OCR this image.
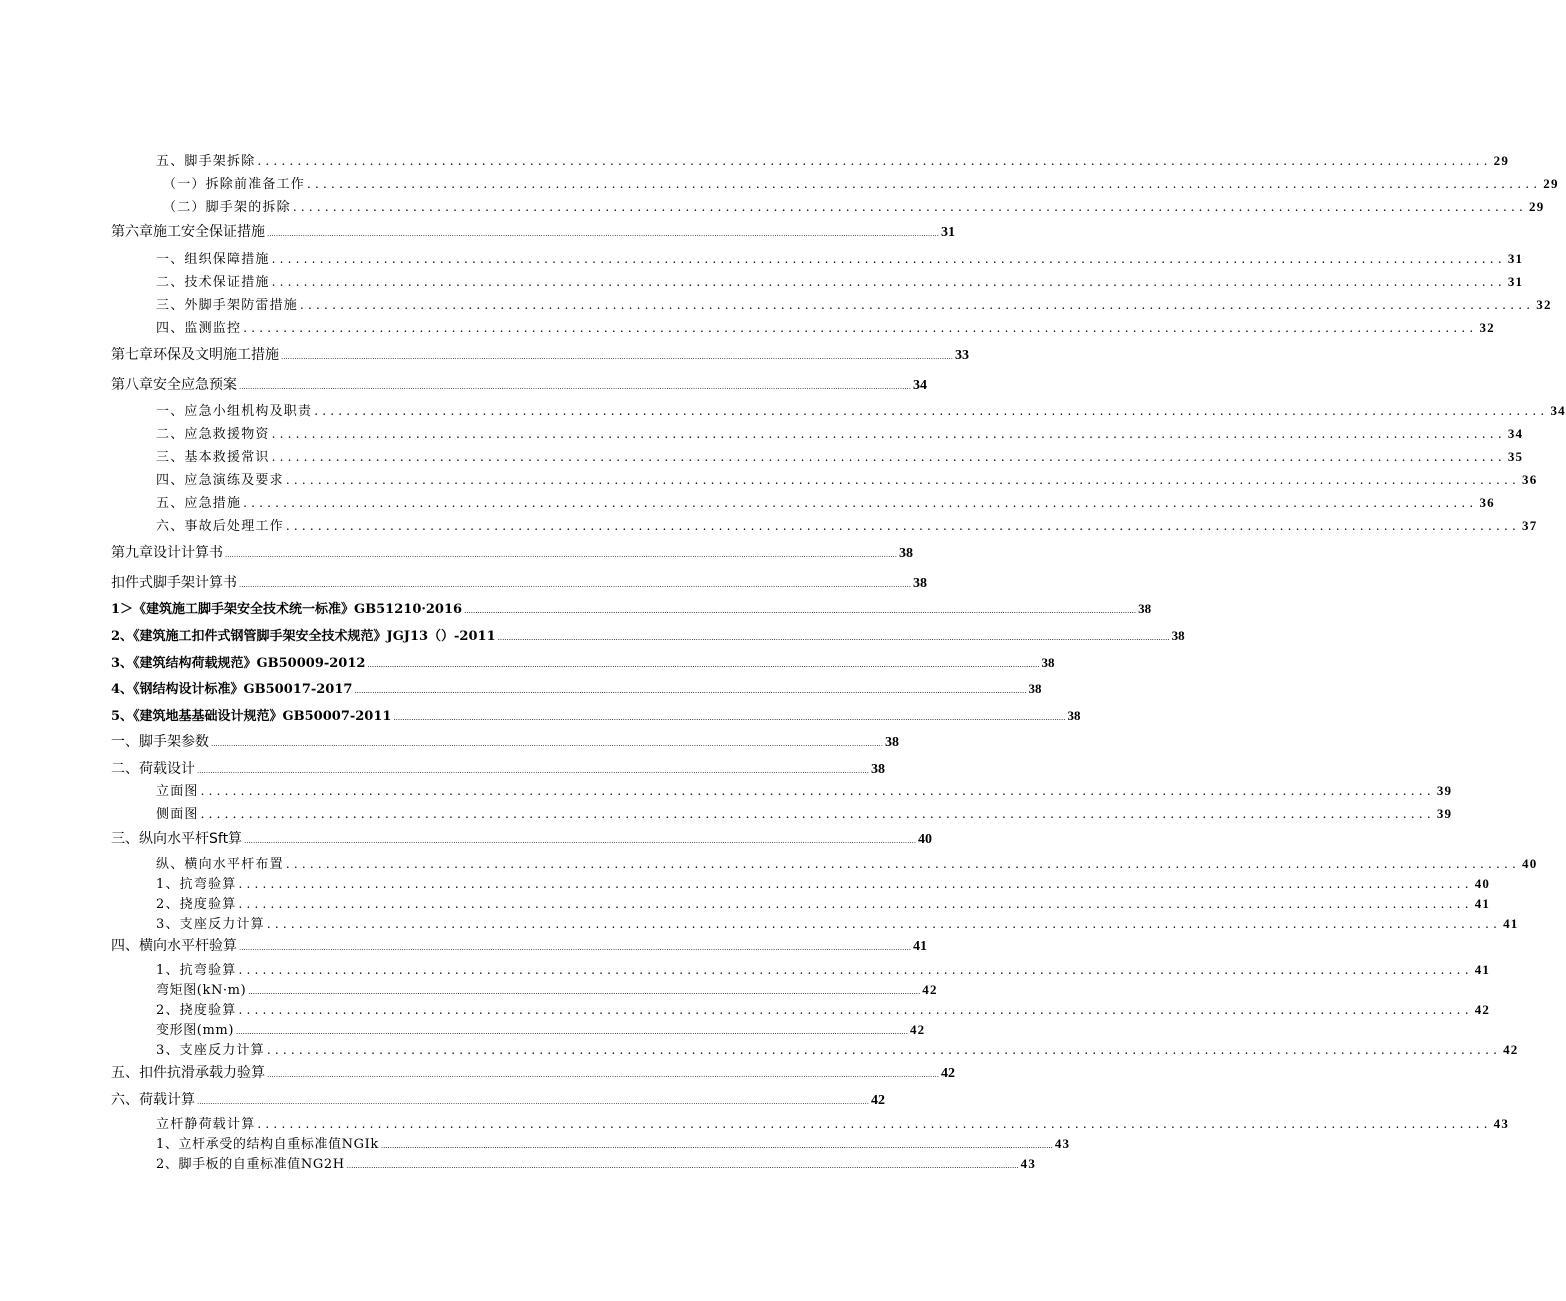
五、脚手架拆除 .......................................................................................................................................................... 29
（一）拆除前准备工作 .......................................................................................................................................................... 29
（二）脚手架的拆除 .......................................................................................................................................................... 29
第六章施工安全保证措施 .............................................................................................................................................................................................................................................................................................................. 31
一、组织保障措施 .......................................................................................................................................................... 31
二、技术保证措施 .......................................................................................................................................................... 31
三、外脚手架防雷措施 .......................................................................................................................................................... 32
四、监测监控 .......................................................................................................................................................... 32
第七章环保及文明施工措施 .............................................................................................................................................................................................................................................................................................................. 33
第八章安全应急预案 .............................................................................................................................................................................................................................................................................................................. 34
一、应急小组机构及职责 .......................................................................................................................................................... 34
二、应急救援物资 .......................................................................................................................................................... 34
三、基本救援常识 .......................................................................................................................................................... 35
四、应急演练及要求 .......................................................................................................................................................... 36
五、应急措施 .......................................................................................................................................................... 36
六、事故后处理工作 .......................................................................................................................................................... 37
第九章设计计算书 .............................................................................................................................................................................................................................................................................................................. 38
扣件式脚手架计算书 .............................................................................................................................................................................................................................................................................................................. 38
1＞《建筑施工脚手架安全技术统一标准》GB51210·2016 .............................................................................................................................................................................................................................................................................................................. 38
2、《建筑施工扣件式钢管脚手架安全技术规范》JGJ13（）-2011 .............................................................................................................................................................................................................................................................................................................. 38
3、《建筑结构荷载规范》GB50009-2012 .............................................................................................................................................................................................................................................................................................................. 38
4、《钢结构设计标准》GB50017-2017 .............................................................................................................................................................................................................................................................................................................. 38
5、《建筑地基基础设计规范》GB50007-2011 .............................................................................................................................................................................................................................................................................................................. 38
一、脚手架参数 .............................................................................................................................................................................................................................................................................................................. 38
二、荷载设计 .............................................................................................................................................................................................................................................................................................................. 38
立面图 .......................................................................................................................................................... 39
侧面图 .......................................................................................................................................................... 39
三、纵向水平杆Sft算 .............................................................................................................................................................................................................................................................................................................. 40
纵、横向水平杆布置 .......................................................................................................................................................... 40
1、抗弯验算 .......................................................................................................................................................... 40
2、挠度验算 .......................................................................................................................................................... 41
3、支座反力计算 .......................................................................................................................................................... 41
四、横向水平杆验算 .............................................................................................................................................................................................................................................................................................................. 41
1、抗弯验算 .......................................................................................................................................................... 41
弯矩图(kN·m) .............................................................................................................................................................................................................................................................................................................. 42
2、挠度验算 .......................................................................................................................................................... 42
变形图(mm) .............................................................................................................................................................................................................................................................................................................. 42
3、支座反力计算 .......................................................................................................................................................... 42
五、扣件抗滑承载力验算 .............................................................................................................................................................................................................................................................................................................. 42
六、荷载计算 .............................................................................................................................................................................................................................................................................................................. 42
立杆静荷载计算 .......................................................................................................................................................... 43
1、立杆承受的结构自重标准值NGIk .............................................................................................................................................................................................................................................................................................................. 43
2、脚手板的自重标准值NG2H .............................................................................................................................................................................................................................................................................................................. 43
